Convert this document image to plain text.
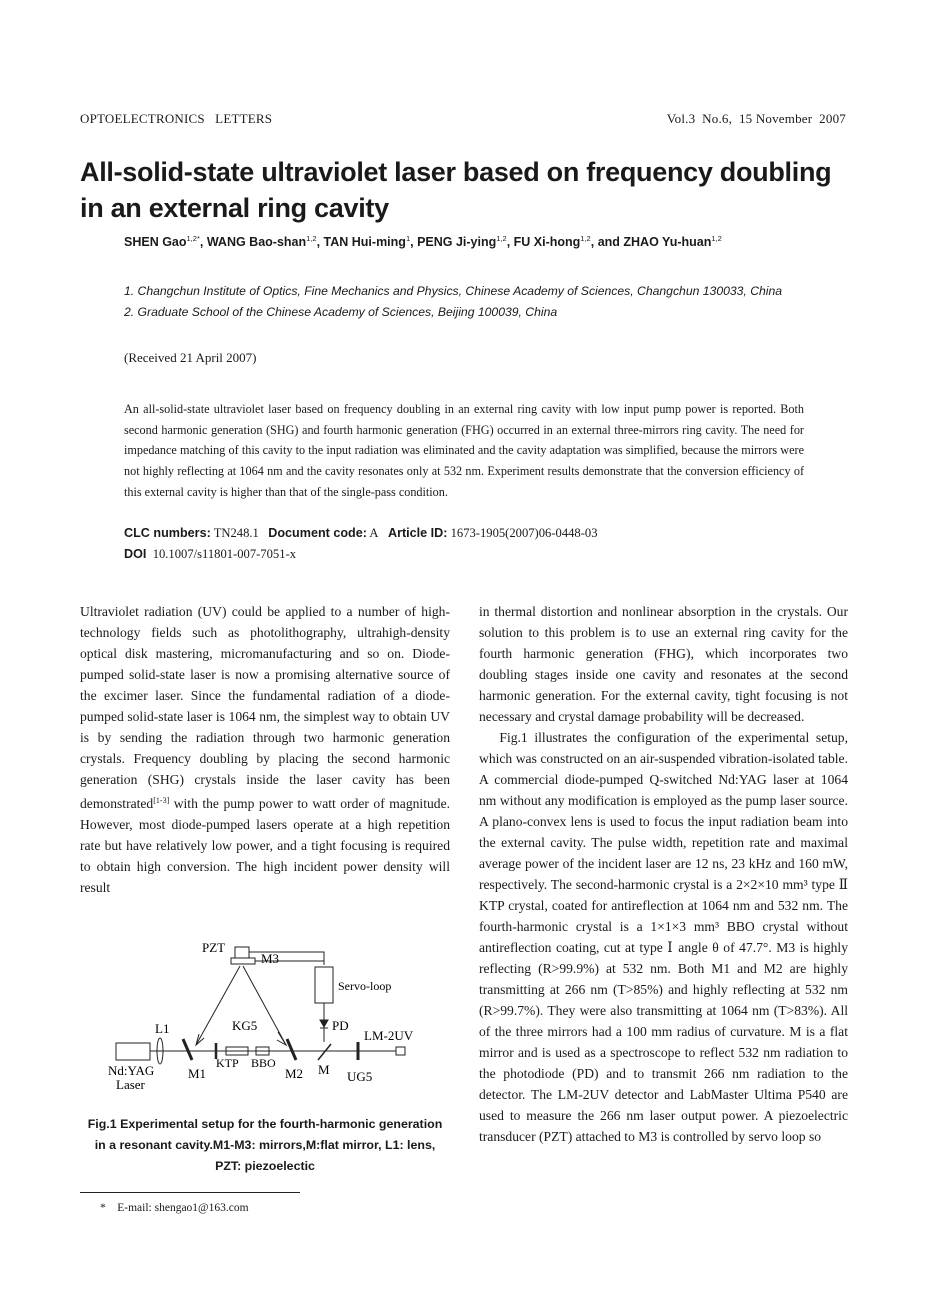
OPTOELECTRONICS   LETTERS	Vol.3  No.6,  15 November  2007
All-solid-state ultraviolet laser based on frequency doubling in an external ring cavity
SHEN Gao$^{1,2*}$, WANG Bao-shan$^{1,2}$, TAN Hui-ming$^1$, PENG Ji-ying$^{1,2}$, FU Xi-hong$^{1,2}$, and ZHAO Yu-huan$^{1,2}$
1. Changchun Institute of Optics, Fine Mechanics and Physics, Chinese Academy of Sciences, Changchun 130033, China
2. Graduate School of the Chinese Academy of Sciences, Beijing 100039, China
(Received 21 April 2007)
An all-solid-state ultraviolet laser based on frequency doubling in an external ring cavity with low input pump power is reported. Both second harmonic generation (SHG) and fourth harmonic generation (FHG) occurred in an external three-mirrors ring cavity. The need for impedance matching of this cavity to the input radiation was eliminated and the cavity adaptation was simplified, because the mirrors were not highly reflecting at 1064 nm and the cavity resonates only at 532 nm. Experiment results demonstrate that the conversion efficiency of this external cavity is higher than that of the single-pass condition.
CLC numbers: TN248.1 Document code: A Article ID: 1673-1905(2007)06-0448-03
DOI 10.1007/s11801-007-7051-x
Ultraviolet radiation (UV) could be applied to a number of high-technology fields such as photolithography, ultrahigh-density optical disk mastering, micromanufacturing and so on. Diode-pumped solid-state laser is now a promising alternative source of the excimer laser. Since the fundamental radiation of a diode-pumped solid-state laser is 1064 nm, the simplest way to obtain UV is by sending the radiation through two harmonic generation crystals. Frequency doubling by placing the second harmonic generation (SHG) crystals inside the laser cavity has been demonstrated[1-3] with the pump power to watt order of magnitude. However, most diode-pumped lasers operate at a high repetition rate but have relatively low power, and a tight focusing is required to obtain high conversion. The high incident power density will result
PZT
M3
Servo-loop
PD
L1	KG5
LM-2UV
KTP BBO
Nd:YAG
Laser
M1	M2 M UG5
Fig.1 Experimental setup for the fourth-harmonic generation in a resonant cavity.M1-M3: mirrors,M:flat mirror, L1: lens, PZT: piezoelectic
*    E-mail: shengao1@163.com
in thermal distortion and nonlinear absorption in the crystals. Our solution to this problem is to use an external ring cavity for the fourth harmonic generation (FHG), which incorporates two doubling stages inside one cavity and resonates at the second harmonic generation. For the external cavity, tight focusing is not necessary and crystal damage probability will be decreased.
Fig.1 illustrates the configuration of the experimental setup, which was constructed on an air-suspended vibration-isolated table. A commercial diode-pumped Q-switched Nd:YAG laser at 1064 nm without any modification is employed as the pump laser source. A plano-convex lens is used to focus the input radiation beam into the external cavity. The pulse width, repetition rate and maximal average power of the incident laser are 12 ns, 23 kHz and 160 mW, respectively. The second-harmonic crystal is a 2×2×10 mm³ type Ⅱ KTP crystal, coated for antireflection at 1064 nm and 532 nm. The fourth-harmonic crystal is a 1×1×3 mm³ BBO crystal without antireflection coating, cut at type Ⅰ angle θ of 47.7°. M3 is highly reflecting (R>99.9%) at 532 nm. Both M1 and M2 are highly transmitting at 266 nm (T>85%) and highly reflecting at 532 nm (R>99.7%). They were also transmitting at 1064 nm (T>83%). All of the three mirrors had a 100 mm radius of curvature. M is a flat mirror and is used as a spectroscope to reflect 532 nm radiation to the photodiode (PD) and to transmit 266 nm radiation to the detector. The LM-2UV detector and LabMaster Ultima P540 are used to measure the 266 nm laser output power. A piezoelectric transducer (PZT) attached to M3 is controlled by servo loop so
